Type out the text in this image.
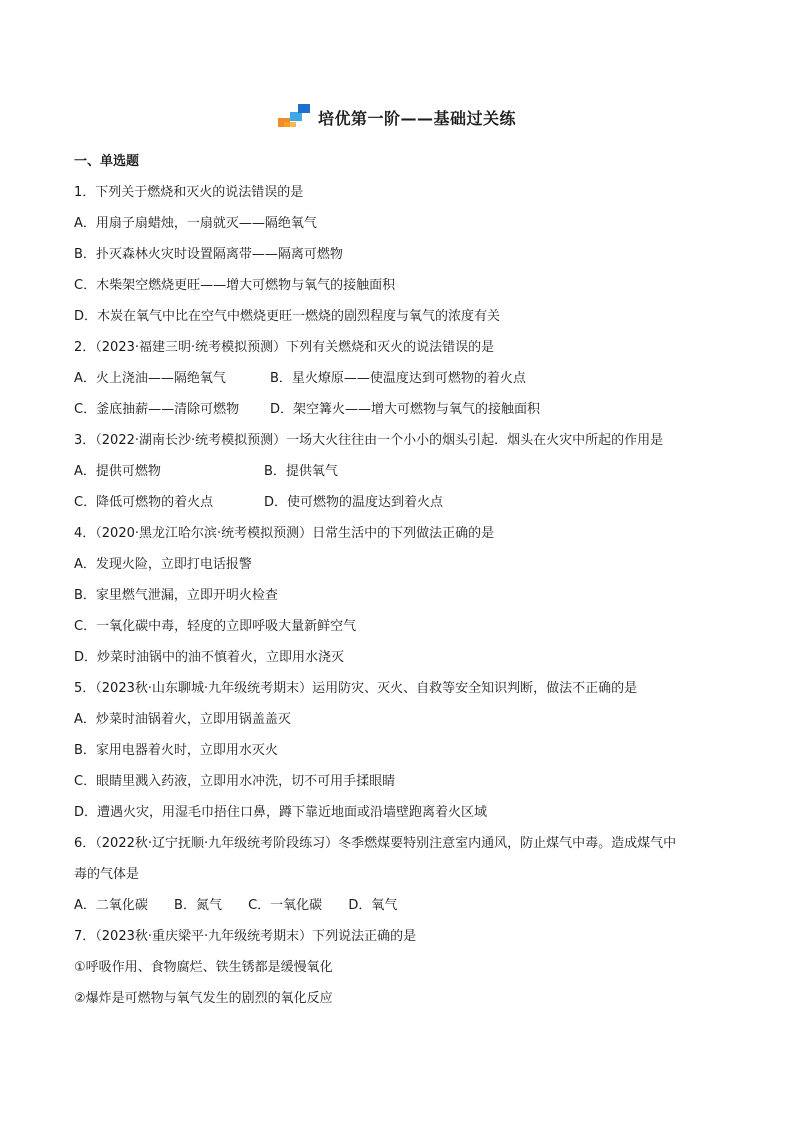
培优第一阶——基础过关练
一、单选题
1．下列关于燃烧和灭火的说法错误的是
A．用扇子扇蜡烛，一扇就灭——隔绝氧气
B．扑灭森林火灾时设置隔离带——隔离可燃物
C．木柴架空燃烧更旺——增大可燃物与氧气的接触面积
D．木炭在氧气中比在空气中燃烧更旺一燃烧的剧烈程度与氧气的浓度有关
2．（2023·福建三明·统考模拟预测）下列有关燃烧和灭火的说法错误的是
A．火上浇油——隔绝氧气	B．星火燎原——使温度达到可燃物的着火点
C．釜底抽薪——清除可燃物	D．架空篝火——增大可燃物与氧气的接触面积
3．（2022·湖南长沙·统考模拟预测）一场大火往往由一个小小的烟头引起．烟头在火灾中所起的作用是
A．提供可燃物	B．提供氧气
C．降低可燃物的着火点	D．使可燃物的温度达到着火点
4．（2020·黑龙江哈尔滨·统考模拟预测）日常生活中的下列做法正确的是
A．发现火险，立即打电话报警
B．家里燃气泄漏，立即开明火检查
C．一氧化碳中毒，轻度的立即呼吸大量新鲜空气
D．炒菜时油锅中的油不慎着火，立即用水浇灭
5．（2023秋·山东聊城·九年级统考期末）运用防灾、灭火、自救等安全知识判断，做法不正确的是
A．炒菜时油锅着火，立即用锅盖盖灭
B．家用电器着火时，立即用水灭火
C．眼睛里溅入药液，立即用水冲洗，切不可用手揉眼睛
D．遭遇火灾，用湿毛巾捂住口鼻，蹲下靠近地面或沿墙壁跑离着火区域
6．（2022秋·辽宁抚顺·九年级统考阶段练习）冬季燃煤要特别注意室内通风，防止煤气中毒。造成煤气中
毒的气体是
A．二氧化碳 B．氮气 C．一氧化碳 D．氧气
7．（2023秋·重庆梁平·九年级统考期末）下列说法正确的是
①呼吸作用、食物腐烂、铁生锈都是缓慢氧化
②爆炸是可燃物与氧气发生的剧烈的氧化反应
